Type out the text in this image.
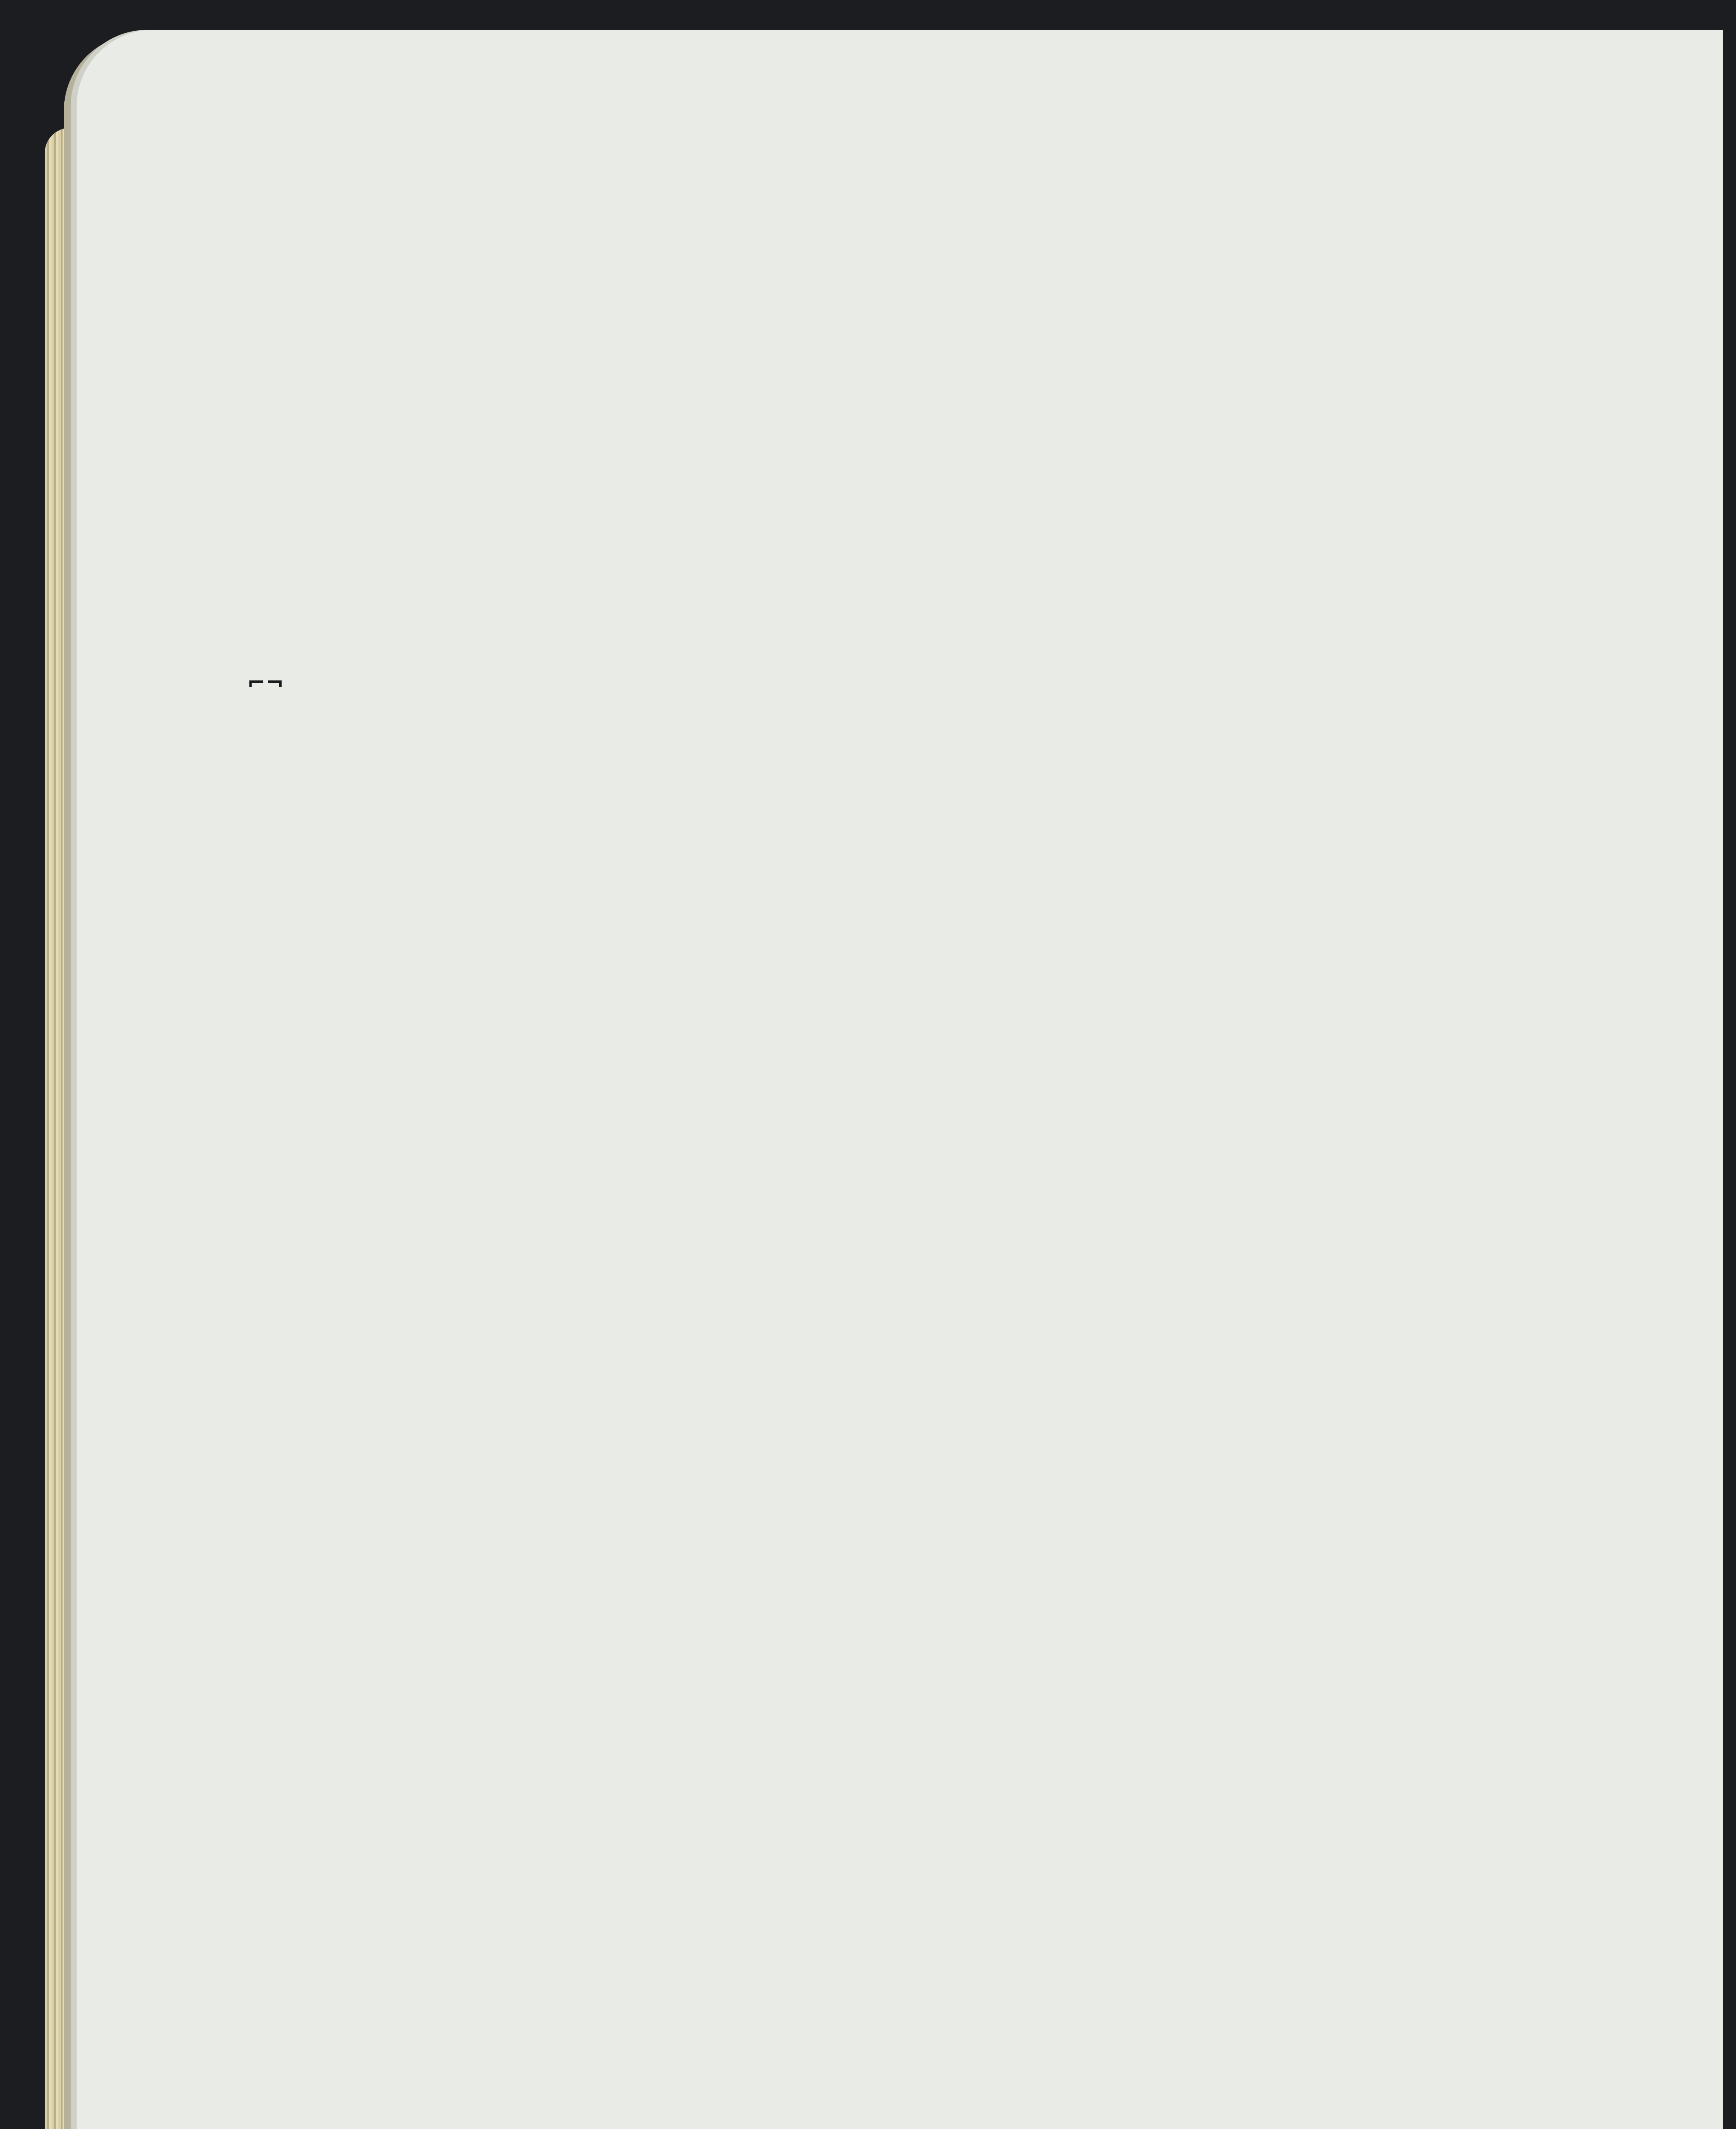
⌐¬
